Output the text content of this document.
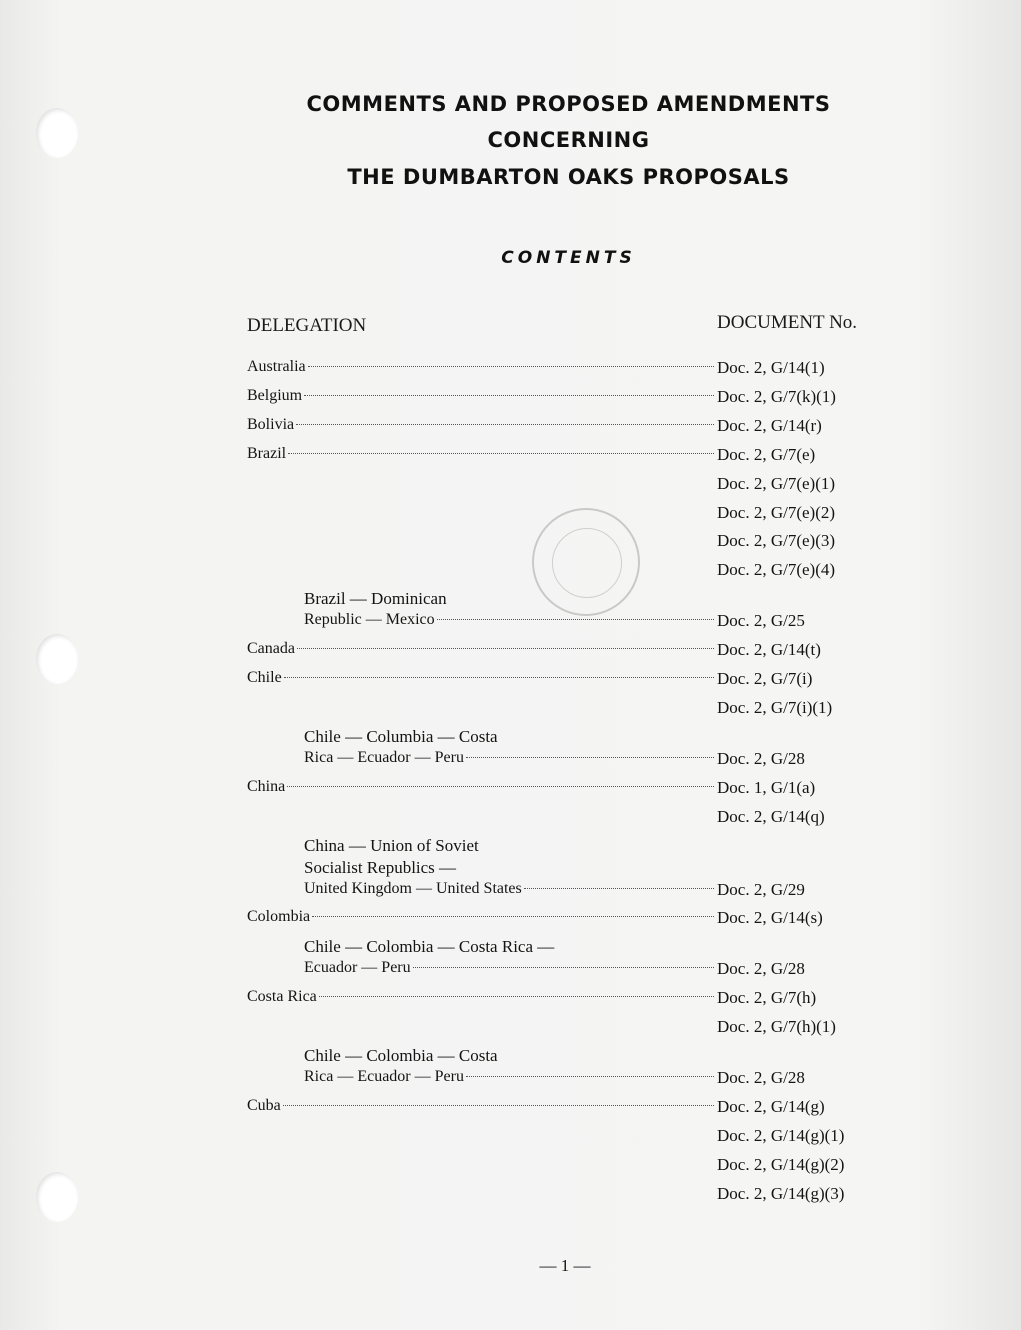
COMMENTS AND PROPOSED AMENDMENTS
CONCERNING
THE DUMBARTON OAKS PROPOSALS
CONTENTS
DELEGATION	DOCUMENT No.
Australia	Doc. 2, G/14(1)
Belgium	Doc. 2, G/7(k)(1)
Bolivia	Doc. 2, G/14(r)
Brazil	Doc. 2, G/7(e)
Doc. 2, G/7(e)(1)
Doc. 2, G/7(e)(2)
Doc. 2, G/7(e)(3)
Doc. 2, G/7(e)(4)
Brazil — Dominican
Republic — Mexico	Doc. 2, G/25
Canada	Doc. 2, G/14(t)
Chile	Doc. 2, G/7(i)
Doc. 2, G/7(i)(1)
Chile — Columbia — Costa
Rica — Ecuador — Peru	Doc. 2, G/28
China	Doc. 1, G/1(a)
Doc. 2, G/14(q)
China — Union of Soviet
Socialist Republics —
United Kingdom — United States	Doc. 2, G/29
Colombia	Doc. 2, G/14(s)
Chile — Colombia — Costa Rica —
Ecuador — Peru	Doc. 2, G/28
Costa Rica	Doc. 2, G/7(h)
Doc. 2, G/7(h)(1)
Chile — Colombia — Costa
Rica — Ecuador — Peru	Doc. 2, G/28
Cuba	Doc. 2, G/14(g)
Doc. 2, G/14(g)(1)
Doc. 2, G/14(g)(2)
Doc. 2, G/14(g)(3)
— 1 —
